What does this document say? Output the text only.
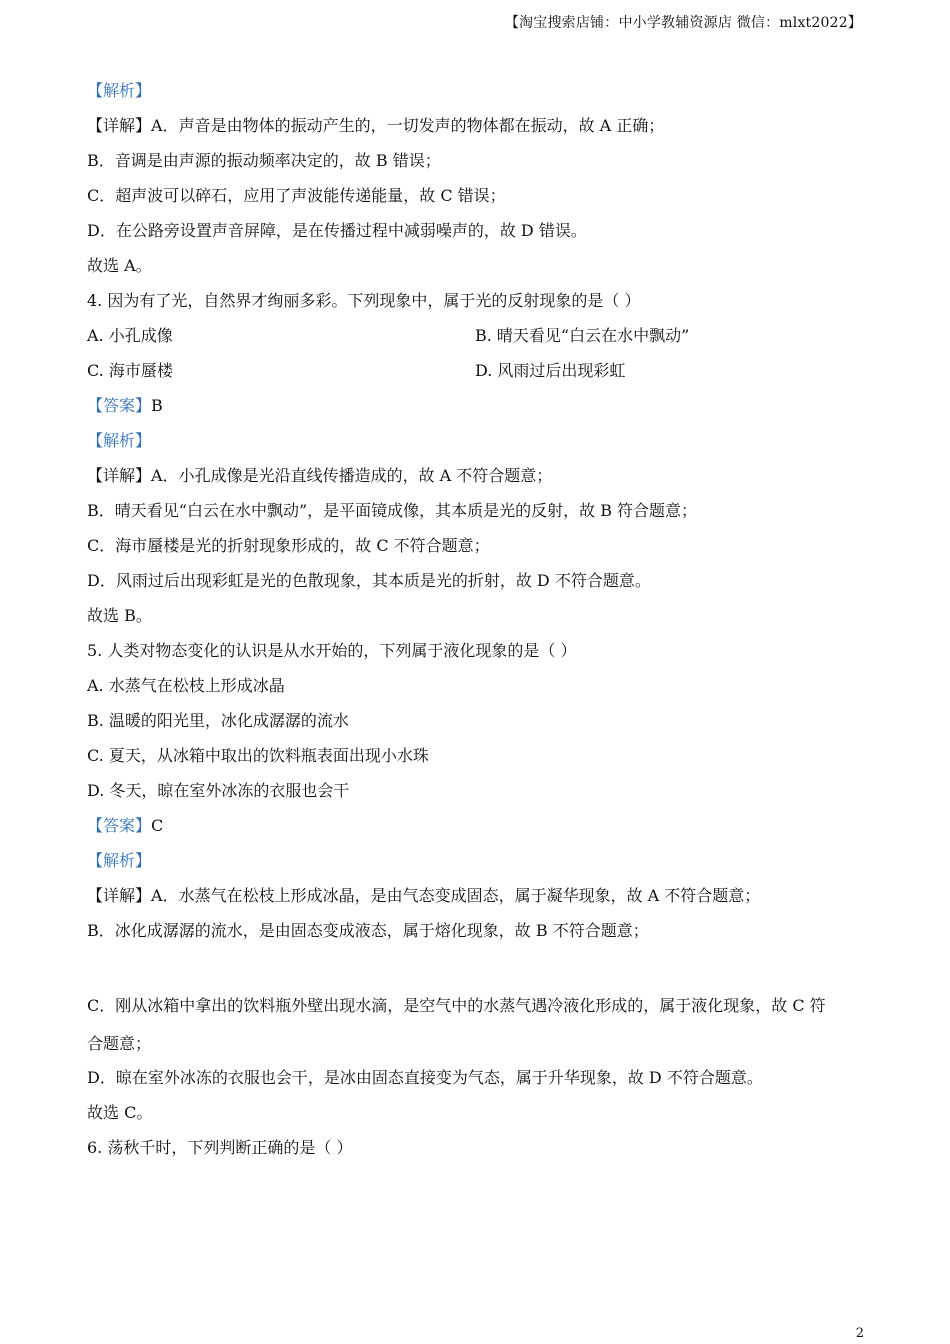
【淘宝搜索店铺：中小学教辅资源店 微信：mlxt2022】
【解析】
【详解】A．声音是由物体的振动产生的，一切发声的物体都在振动，故 A 正确；
B．音调是由声源的振动频率决定的，故 B 错误；
C．超声波可以碎石，应用了声波能传递能量，故 C 错误；
D．在公路旁设置声音屏障，是在传播过程中减弱噪声的，故 D 错误。
故选 A。
4. 因为有了光，自然界才绚丽多彩。下列现象中，属于光的反射现象的是（ ）
A. 小孔成像	B. 晴天看见“白云在水中飘动”
C. 海市蜃楼	D. 风雨过后出现彩虹
【答案】B
【解析】
【详解】A．小孔成像是光沿直线传播造成的，故 A 不符合题意；
B．晴天看见“白云在水中飘动”，是平面镜成像，其本质是光的反射，故 B 符合题意；
C．海市蜃楼是光的折射现象形成的，故 C 不符合题意；
D．风雨过后出现彩虹是光的色散现象，其本质是光的折射，故 D 不符合题意。
故选 B。
5. 人类对物态变化的认识是从水开始的，下列属于液化现象的是（ ）
A. 水蒸气在松枝上形成冰晶
B. 温暖的阳光里，冰化成潺潺的流水
C. 夏天，从冰箱中取出的饮料瓶表面出现小水珠
D. 冬天，晾在室外冰冻的衣服也会干
【答案】C
【解析】
【详解】A．水蒸气在松枝上形成冰晶，是由气态变成固态，属于凝华现象，故 A 不符合题意；
B．冰化成潺潺的流水，是由固态变成液态，属于熔化现象，故 B 不符合题意；
C．刚从冰箱中拿出的饮料瓶外壁出现水滴，是空气中的水蒸气遇冷液化形成的，属于液化现象，故 C 符
合题意；
D．晾在室外冰冻的衣服也会干，是冰由固态直接变为气态，属于升华现象，故 D 不符合题意。
故选 C。
6. 荡秋千时，下列判断正确的是（ ）
2
